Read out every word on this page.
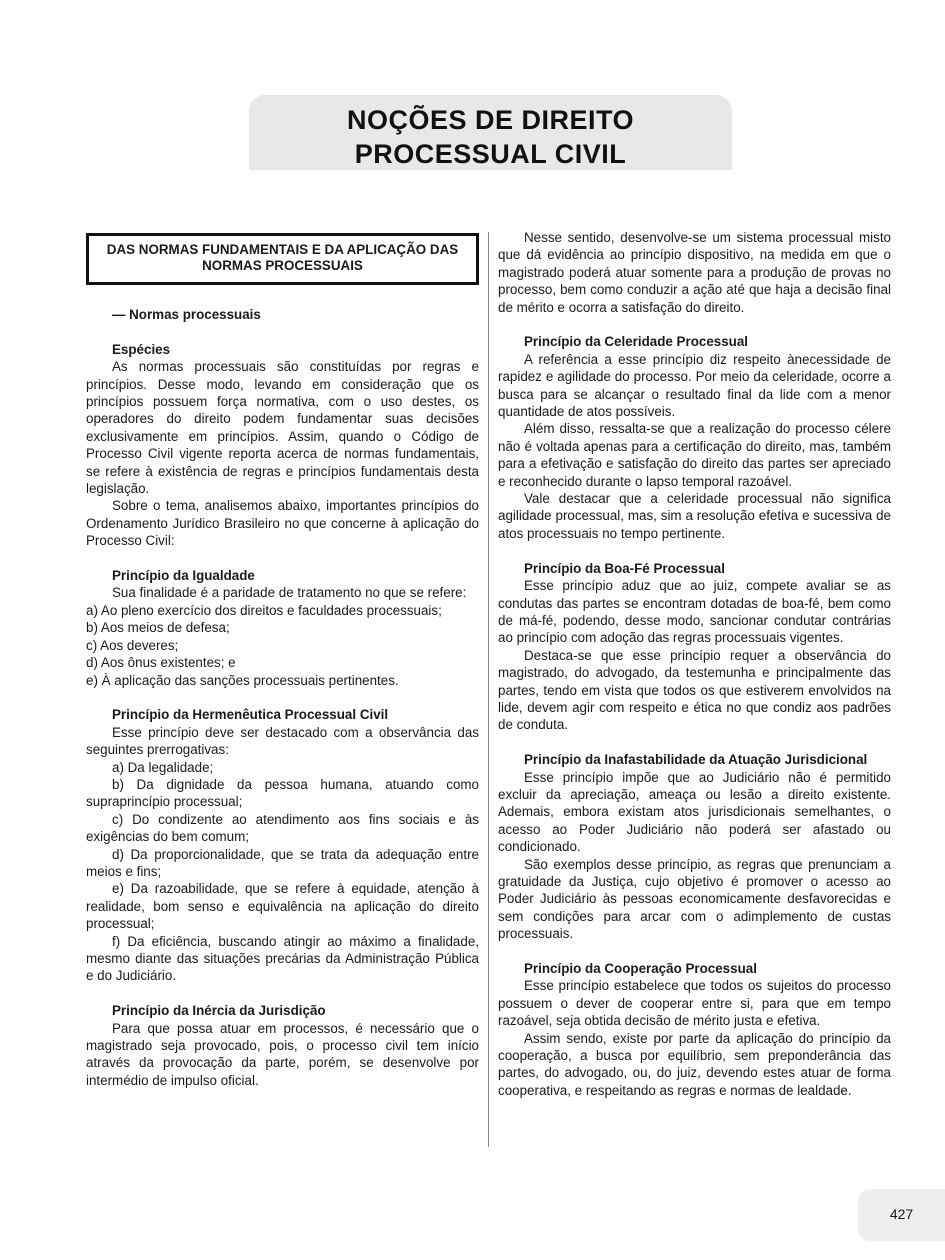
NOÇÕES DE DIREITO
PROCESSUAL CIVIL
DAS NORMAS FUNDAMENTAIS E DA APLICAÇÃO DAS
NORMAS PROCESSUAIS

— Normas processuais

Espécies

As normas processuais são constituídas por regras e princípios. Desse modo, levando em consideração que os princípios possuem força normativa, com o uso destes, os operadores do direito podem fundamentar suas decisões exclusivamente em princípios. Assim, quando o Código de Processo Civil vigente reporta acerca de normas fundamentais, se refere à existência de regras e princípios fundamentais desta legislação.

Sobre o tema, analisemos abaixo, importantes princípios do Ordenamento Jurídico Brasileiro no que concerne à aplicação do Processo Civil:

Princípio da Igualdade

Sua finalidade é a paridade de tratamento no que se refere:

a) Ao pleno exercício dos direitos e faculdades processuais;

b) Aos meios de defesa;

c) Aos deveres;

d) Aos ônus existentes; e

e) À aplicação das sanções processuais pertinentes.

Princípio da Hermenêutica Processual Civil

Esse princípio deve ser destacado com a observância das seguintes prerrogativas:

a) Da legalidade;

b) Da dignidade da pessoa humana, atuando como supraprincípio processual;

c) Do condizente ao atendimento aos fins sociais e às exigências do bem comum;

d) Da proporcionalidade, que se trata da adequação entre meios e fins;

e) Da razoabilidade, que se refere à equidade, atenção à realidade, bom senso e equivalência na aplicação do direito processual;

f) Da eficiência, buscando atingir ao máximo a finalidade, mesmo diante das situações precárias da Administração Pública e do Judiciário.

Princípio da Inércia da Jurisdição

Para que possa atuar em processos, é necessário que o magistrado seja provocado, pois, o processo civil tem início através da provocação da parte, porém, se desenvolve por intermédio de impulso oficial.

Nesse sentido, desenvolve-se um sistema processual misto que dá evidência ao princípio dispositivo, na medida em que o magistrado poderá atuar somente para a produção de provas no processo, bem como conduzir a ação até que haja a decisão final de mérito e ocorra a satisfação do direito.

Princípio da Celeridade Processual

A referência a esse princípio diz respeito ànecessidade de rapidez e agilidade do processo. Por meio da celeridade, ocorre a busca para se alcançar o resultado final da lide com a menor quantidade de atos possíveis.

Além disso, ressalta-se que a realização do processo célere não é voltada apenas para a certificação do direito, mas, também para a efetivação e satisfação do direito das partes ser apreciado e reconhecido durante o lapso temporal razoável.

Vale destacar que a celeridade processual não significa agilidade processual, mas, sim a resolução efetiva e sucessiva de atos processuais no tempo pertinente.

Princípio da Boa-Fé Processual

Esse princípio aduz que ao juiz, compete avaliar se as condutas das partes se encontram dotadas de boa-fé, bem como de má-fé, podendo, desse modo, sancionar condutar contrárias ao princípio com adoção das regras processuais vigentes.

Destaca-se que esse princípio requer a observância do magistrado, do advogado, da testemunha e principalmente das partes, tendo em vista que todos os que estiverem envolvidos na lide, devem agir com respeito e ética no que condiz aos padrões de conduta.

Princípio da Inafastabilidade da Atuação Jurisdicional

Esse princípio impõe que ao Judiciário não é permitido excluir da apreciação, ameaça ou lesão a direito existente. Ademais, embora existam atos jurisdicionais semelhantes, o acesso ao Poder Judiciário não poderá ser afastado ou condicionado.

São exemplos desse princípio, as regras que prenunciam a gratuidade da Justiça, cujo objetivo é promover o acesso ao Poder Judiciário às pessoas economicamente desfavorecidas e sem condições para arcar com o adimplemento de custas processuais.

Princípio da Cooperação Processual

Esse princípio estabelece que todos os sujeitos do processo possuem o dever de cooperar entre si, para que em tempo razoável, seja obtida decisão de mérito justa e efetiva.

Assim sendo, existe por parte da aplicação do princípio da cooperação, a busca por equilíbrio, sem preponderância das partes, do advogado, ou, do juiz, devendo estes atuar de forma cooperativa, e respeitando as regras e normas de lealdade.

427
